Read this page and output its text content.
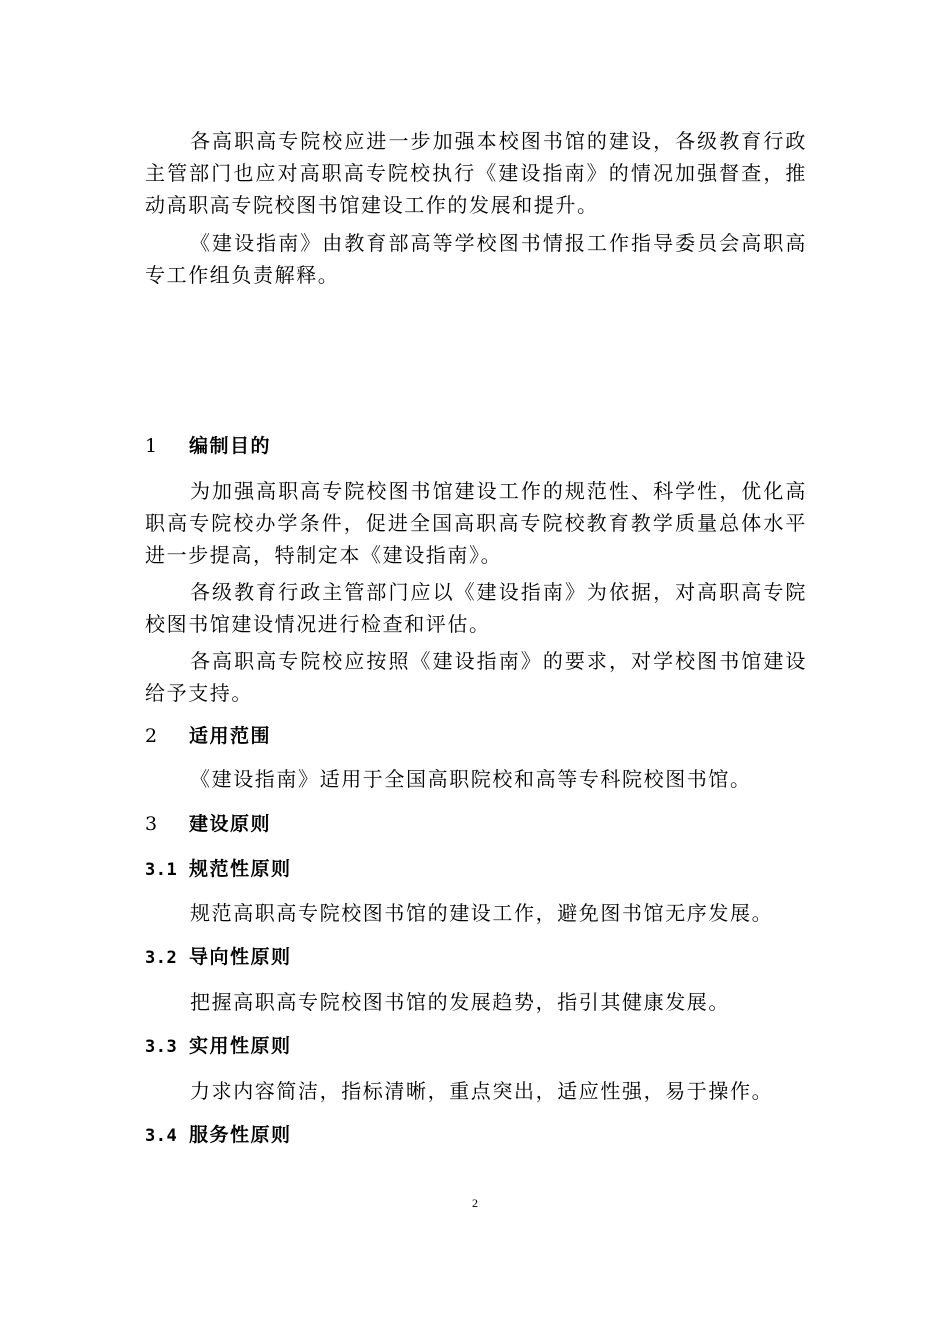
各高职高专院校应进一步加强本校图书馆的建设，各级教育行政主管部门也应对高职高专院校执行《建设指南》的情况加强督查，推动高职高专院校图书馆建设工作的发展和提升。

《建设指南》由教育部高等学校图书情报工作指导委员会高职高专工作组负责解释。

1 编制目的

为加强高职高专院校图书馆建设工作的规范性、科学性，优化高职高专院校办学条件，促进全国高职高专院校教育教学质量总体水平进一步提高，特制定本《建设指南》。

各级教育行政主管部门应以《建设指南》为依据，对高职高专院校图书馆建设情况进行检查和评估。

各高职高专院校应按照《建设指南》的要求，对学校图书馆建设给予支持。

2 适用范围

《建设指南》适用于全国高职院校和高等专科院校图书馆。

3 建设原则
3.1 规范性原则

规范高职高专院校图书馆的建设工作，避免图书馆无序发展。

3.2 导向性原则

把握高职高专院校图书馆的发展趋势，指引其健康发展。

3.3 实用性原则

力求内容简洁，指标清晰，重点突出，适应性强，易于操作。

3.4 服务性原则
2
